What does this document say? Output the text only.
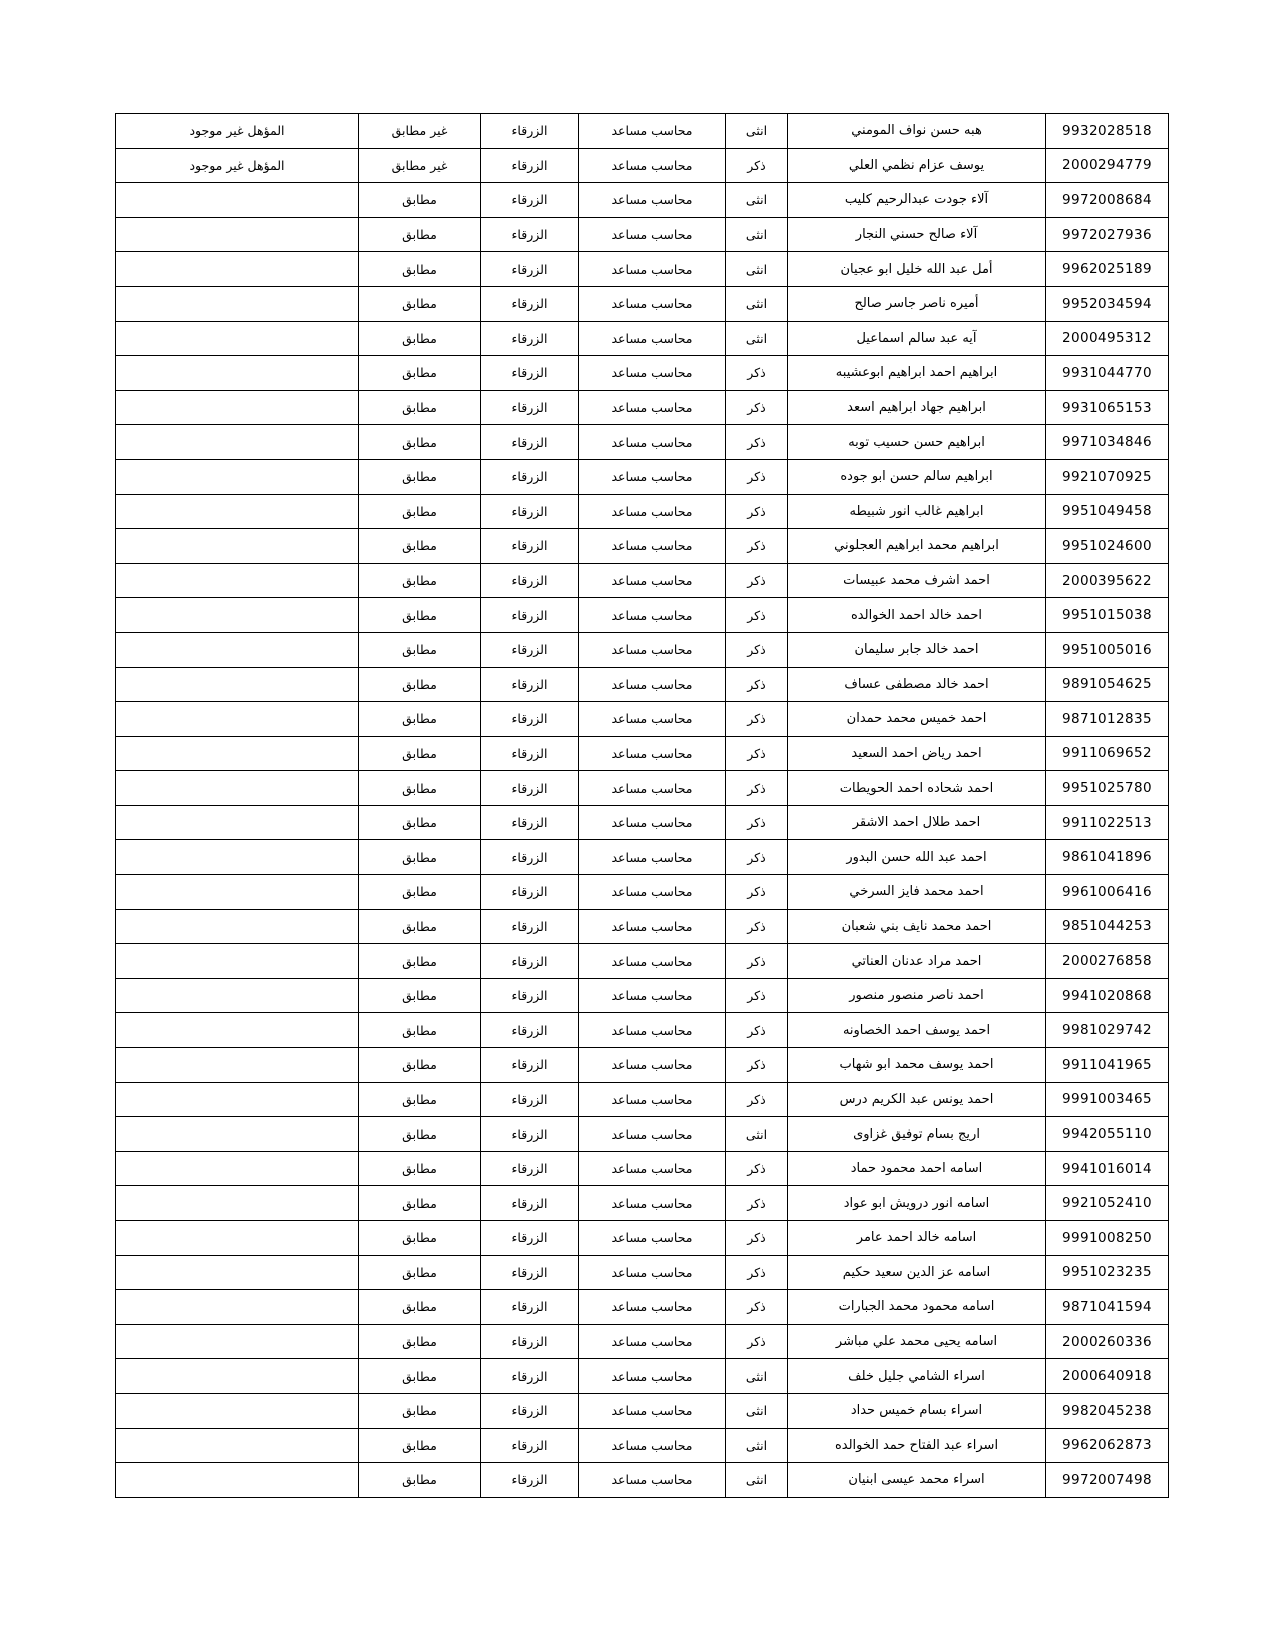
9932028518	هبه حسن نواف المومني	انثى	محاسب مساعد	الزرقاء	غير مطابق	المؤهل غير موجود
2000294779	يوسف عزام نظمي العلي	ذكر	محاسب مساعد	الزرقاء	غير مطابق	المؤهل غير موجود
9972008684	آلاء جودت عبدالرحيم كليب	انثى	محاسب مساعد	الزرقاء	مطابق	
9972027936	آلاء صالح حسني النجار	انثى	محاسب مساعد	الزرقاء	مطابق	
9962025189	أمل عبد الله خليل ابو عجيان	انثى	محاسب مساعد	الزرقاء	مطابق	
9952034594	أميره ناصر جاسر صالح	انثى	محاسب مساعد	الزرقاء	مطابق	
2000495312	آيه عبد سالم اسماعيل	انثى	محاسب مساعد	الزرقاء	مطابق	
9931044770	ابراهيم احمد ابراهيم ابوعشيبه	ذكر	محاسب مساعد	الزرقاء	مطابق	
9931065153	ابراهيم جهاد ابراهيم اسعد	ذكر	محاسب مساعد	الزرقاء	مطابق	
9971034846	ابراهيم حسن حسيب توبه	ذكر	محاسب مساعد	الزرقاء	مطابق	
9921070925	ابراهيم سالم حسن ابو جوده	ذكر	محاسب مساعد	الزرقاء	مطابق	
9951049458	ابراهيم غالب انور شبيطه	ذكر	محاسب مساعد	الزرقاء	مطابق	
9951024600	ابراهيم محمد ابراهيم العجلوني	ذكر	محاسب مساعد	الزرقاء	مطابق	
2000395622	احمد اشرف محمد عبيسات	ذكر	محاسب مساعد	الزرقاء	مطابق	
9951015038	احمد خالد احمد الخوالده	ذكر	محاسب مساعد	الزرقاء	مطابق	
9951005016	احمد خالد جابر سليمان	ذكر	محاسب مساعد	الزرقاء	مطابق	
9891054625	احمد خالد مصطفى عساف	ذكر	محاسب مساعد	الزرقاء	مطابق	
9871012835	احمد خميس محمد حمدان	ذكر	محاسب مساعد	الزرقاء	مطابق	
9911069652	احمد رياض احمد السعيد	ذكر	محاسب مساعد	الزرقاء	مطابق	
9951025780	احمد شحاده احمد الحويطات	ذكر	محاسب مساعد	الزرقاء	مطابق	
9911022513	احمد طلال احمد الاشقر	ذكر	محاسب مساعد	الزرقاء	مطابق	
9861041896	احمد عبد الله حسن البدور	ذكر	محاسب مساعد	الزرقاء	مطابق	
9961006416	احمد محمد فايز السرخي	ذكر	محاسب مساعد	الزرقاء	مطابق	
9851044253	احمد محمد نايف بني شعبان	ذكر	محاسب مساعد	الزرقاء	مطابق	
2000276858	احمد مراد عدنان العناتي	ذكر	محاسب مساعد	الزرقاء	مطابق	
9941020868	احمد ناصر منصور منصور	ذكر	محاسب مساعد	الزرقاء	مطابق	
9981029742	احمد يوسف احمد الخصاونه	ذكر	محاسب مساعد	الزرقاء	مطابق	
9911041965	احمد يوسف محمد ابو شهاب	ذكر	محاسب مساعد	الزرقاء	مطابق	
9991003465	احمد يونس عبد الكريم درس	ذكر	محاسب مساعد	الزرقاء	مطابق	
9942055110	اريج بسام توفيق غزاوى	انثى	محاسب مساعد	الزرقاء	مطابق	
9941016014	اسامه احمد محمود حماد	ذكر	محاسب مساعد	الزرقاء	مطابق	
9921052410	اسامه انور درويش ابو عواد	ذكر	محاسب مساعد	الزرقاء	مطابق	
9991008250	اسامه خالد احمد عامر	ذكر	محاسب مساعد	الزرقاء	مطابق	
9951023235	اسامه عز الدين سعيد حكيم	ذكر	محاسب مساعد	الزرقاء	مطابق	
9871041594	اسامه محمود محمد الجبارات	ذكر	محاسب مساعد	الزرقاء	مطابق	
2000260336	اسامه يحيى محمد علي مباشر	ذكر	محاسب مساعد	الزرقاء	مطابق	
2000640918	اسراء الشامي جليل خلف	انثى	محاسب مساعد	الزرقاء	مطابق	
9982045238	اسراء بسام خميس حداد	انثى	محاسب مساعد	الزرقاء	مطابق	
9962062873	اسراء عبد الفتاح حمد الخوالده	انثى	محاسب مساعد	الزرقاء	مطابق	
9972007498	اسراء محمد عيسى ابنيان	انثى	محاسب مساعد	الزرقاء	مطابق	
